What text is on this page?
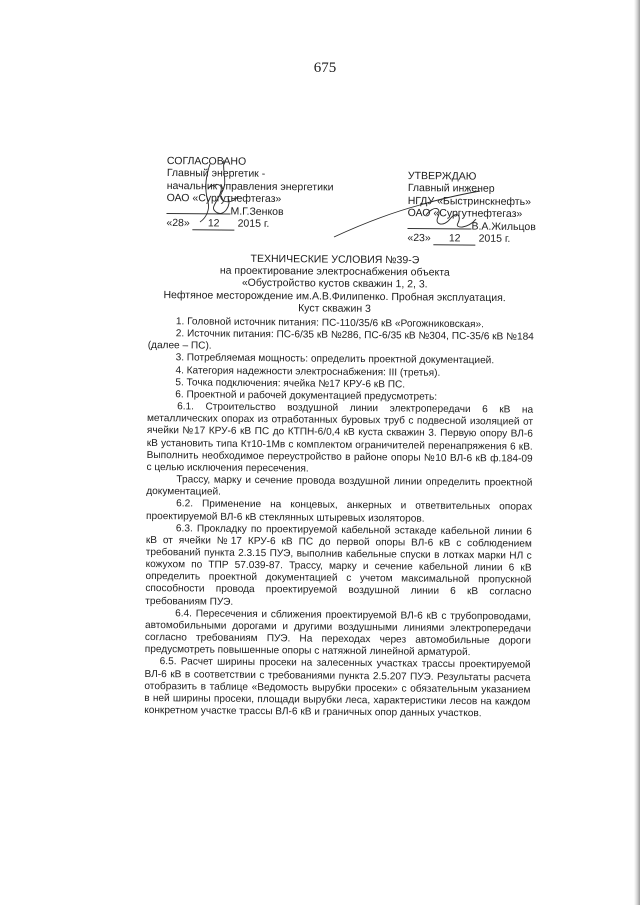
675
СОГЛАСОВАНО
Главный энергетик -
начальник управления энергетики
ОАО «Сургутнефтегаз»
М.Г.Зенков
«28» 12 2015 г.
УТВЕРЖДАЮ
Главный инженер
НГДУ «Быстринскнефть»
ОАО «Сургутнефтегаз»
В.А.Жильцов
«23» 12 2015 г.
ТЕХНИЧЕСКИЕ УСЛОВИЯ №39-Э
на проектирование электроснабжения объекта
«Обустройство кустов скважин 1, 2, 3.
Нефтяное месторождение им.А.В.Филипенко. Пробная эксплуатация.
Куст скважин 3

1. Головной источник питания: ПС-110/35/6 кВ «Рогожниковская».

2. Источник питания: ПС-6/35 кВ №286, ПС-6/35 кВ №304, ПС-35/6 кВ №184 (далее – ПС).

3. Потребляемая мощность: определить проектной документацией.

4. Категория надежности электроснабжения: III (третья).

5. Точка подключения: ячейка №17 КРУ-6 кВ ПС.

6. Проектной и рабочей документацией предусмотреть:

6.1. Строительство воздушной линии электропередачи 6 кВ на металлических опорах из отработанных буровых труб с подвесной изоляцией от ячейки №17 КРУ-6 кВ ПС до КТПН-6/0,4 кВ куста скважин 3. Первую опору ВЛ-6 кВ установить типа Кт10-1Мв с комплектом ограничителей перенапряжения 6 кВ. Выполнить необходимое переустройство в районе опоры №10 ВЛ-6 кВ ф.184-09 с целью исключения пересечения.

Трассу, марку и сечение провода воздушной линии определить проектной документацией.

6.2. Применение на концевых, анкерных и ответвительных опорах проектируемой ВЛ-6 кВ стеклянных штыревых изоляторов.

6.3. Прокладку по проектируемой кабельной эстакаде кабельной линии 6 кВ от ячейки №17 КРУ-6 кВ ПС до первой опоры ВЛ-6 кВ с соблюдением требований пункта 2.3.15 ПУЭ, выполнив кабельные спуски в лотках марки НЛ с кожухом по ТПР 57.039-87. Трассу, марку и сечение кабельной линии 6 кВ определить проектной документацией с учетом максимальной пропускной способности провода проектируемой воздушной линии 6 кВ согласно требованиям ПУЭ.

6.4. Пересечения и сближения проектируемой ВЛ-6 кВ с трубопроводами, автомобильными дорогами и другими воздушными линиями электропередачи согласно требованиям ПУЭ. На переходах через автомобильные дороги предусмотреть повышенные опоры с натяжной линейной арматурой.

6.5. Расчет ширины просеки на залесенных участках трассы проектируемой ВЛ-6 кВ в соответствии с требованиями пункта 2.5.207 ПУЭ. Результаты расчета отобразить в таблице «Ведомость вырубки просеки» с обязательным указанием в ней ширины просеки, площади вырубки леса, характеристики лесов на каждом конкретном участке трассы ВЛ-6 кВ и граничных опор данных участков.
